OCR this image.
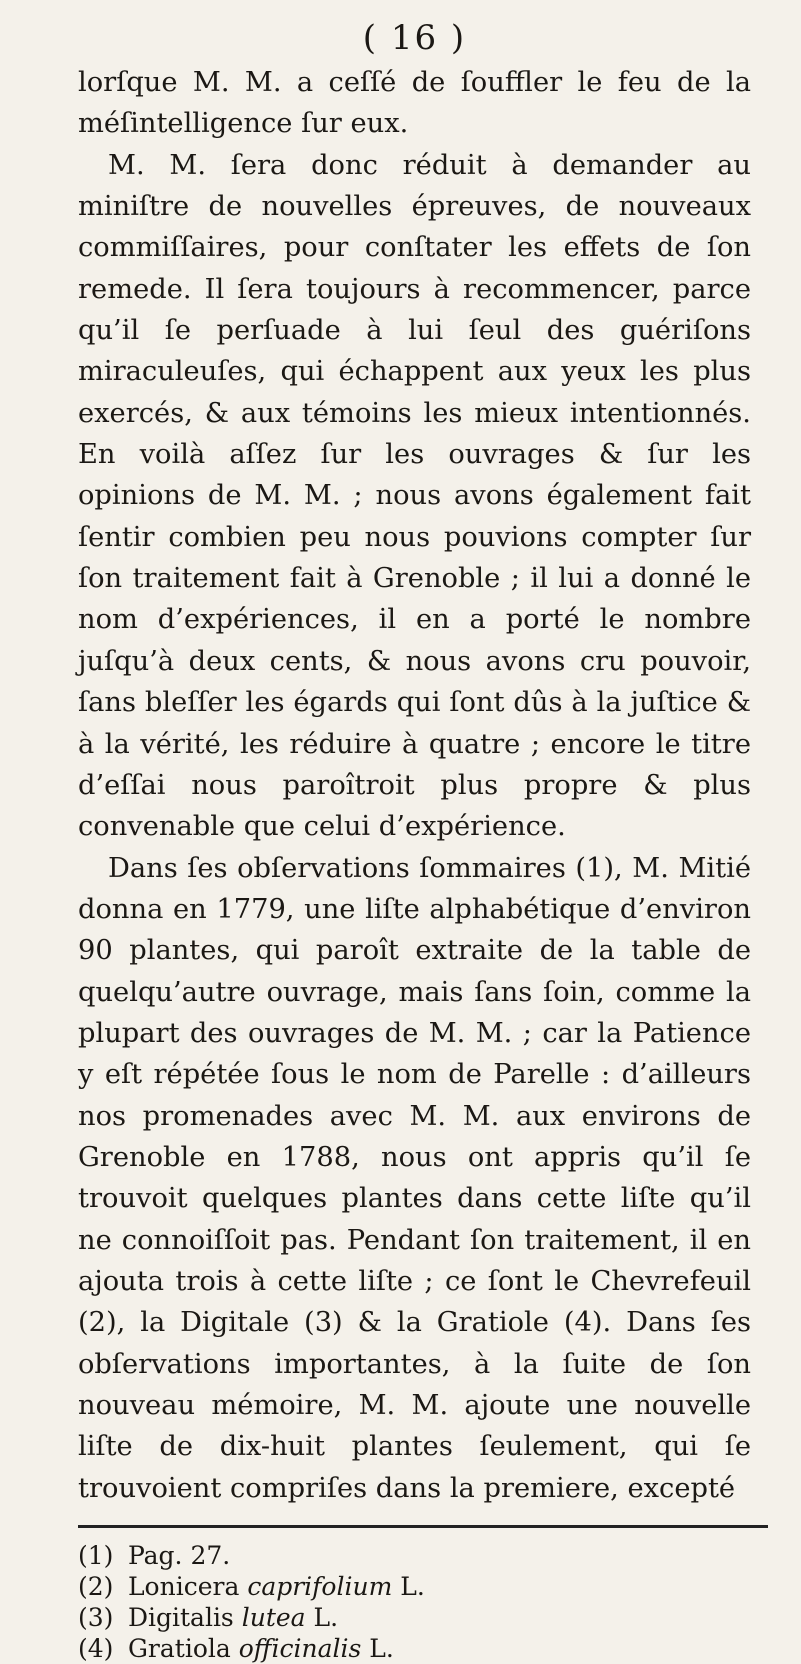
( 16 )

lorſque M. M. a ceſſé de ſouffler le feu de la méſintelligence ſur eux.

M. M. ſera donc réduit à demander au miniſtre de nouvelles épreuves, de nouveaux commiſſaires, pour conſtater les effets de ſon remede. Il ſera toujours à recommencer, parce qu’il ſe perſuade à lui ſeul des guériſons miraculeuſes, qui échappent aux yeux les plus exercés, & aux témoins les mieux intentionnés. En voilà aſſez ſur les ouvrages & ſur les opinions de M. M. ; nous avons également fait ſentir combien peu nous pouvions compter ſur ſon traitement fait à Grenoble ; il lui a donné le nom d’expériences, il en a porté le nombre juſqu’à deux cents, & nous avons cru pouvoir, ſans bleſſer les égards qui ſont dûs à la juſtice & à la vérité, les réduire à quatre ; encore le titre d’eſſai nous paroîtroit plus propre & plus convenable que celui d’expérience.

Dans ſes obſervations ſommaires (1), M. Mitié donna en 1779, une liſte alphabétique d’environ 90 plantes, qui paroît extraite de la table de quelqu’autre ouvrage, mais ſans ſoin, comme la plupart des ouvrages de M. M. ; car la Patience y eſt répétée ſous le nom de Parelle : d’ailleurs nos promenades avec M. M. aux environs de Grenoble en 1788, nous ont appris qu’il ſe trouvoit quelques plantes dans cette liſte qu’il ne connoiſſoit pas. Pendant ſon traitement, il en ajouta trois à cette liſte ; ce ſont le Chevrefeuil (2), la Digitale (3) & la Gratiole (4). Dans ſes obſervations importantes, à la ſuite de ſon nouveau mémoire, M. M. ajoute une nouvelle liſte de dix-huit plantes ſeulement, qui ſe trouvoient compriſes dans la premiere, excepté

(1) Pag. 27.
(2) Lonicera caprifolium L.
(3) Digitalis lutea L.
(4) Gratiola officinalis L.
